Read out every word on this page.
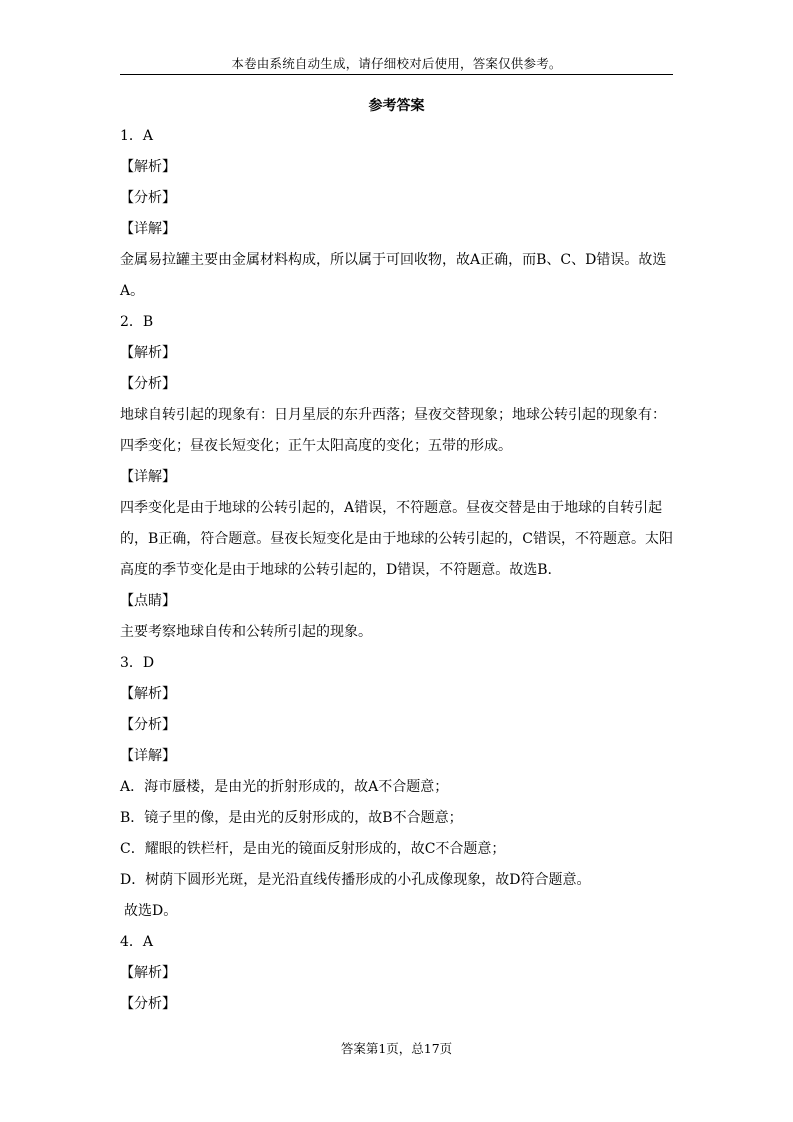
本卷由系统自动生成，请仔细校对后使用，答案仅供参考。
参考答案

1．A

【解析】

【分析】

【详解】

金属易拉罐主要由金属材料构成，所以属于可回收物，故A正确，而B、C、D错误。故选A。

2．B

【解析】

【分析】

地球自转引起的现象有：日月星辰的东升西落；昼夜交替现象；地球公转引起的现象有：四季变化；昼夜长短变化；正午太阳高度的变化；五带的形成。

【详解】

四季变化是由于地球的公转引起的，A错误，不符题意。昼夜交替是由于地球的自转引起的，B正确，符合题意。昼夜长短变化是由于地球的公转引起的，C错误，不符题意。太阳高度的季节变化是由于地球的公转引起的，D错误，不符题意。故选B.

【点睛】

主要考察地球自传和公转所引起的现象。

3．D

【解析】

【分析】

【详解】

A．海市蜃楼，是由光的折射形成的，故A不合题意；

B．镜子里的像，是由光的反射形成的，故B不合题意；

C．耀眼的铁栏杆，是由光的镜面反射形成的，故C不合题意；

D．树荫下圆形光斑，是光沿直线传播形成的小孔成像现象，故D符合题意。

故选D。

4．A

【解析】

【分析】

答案第1页，总17页
